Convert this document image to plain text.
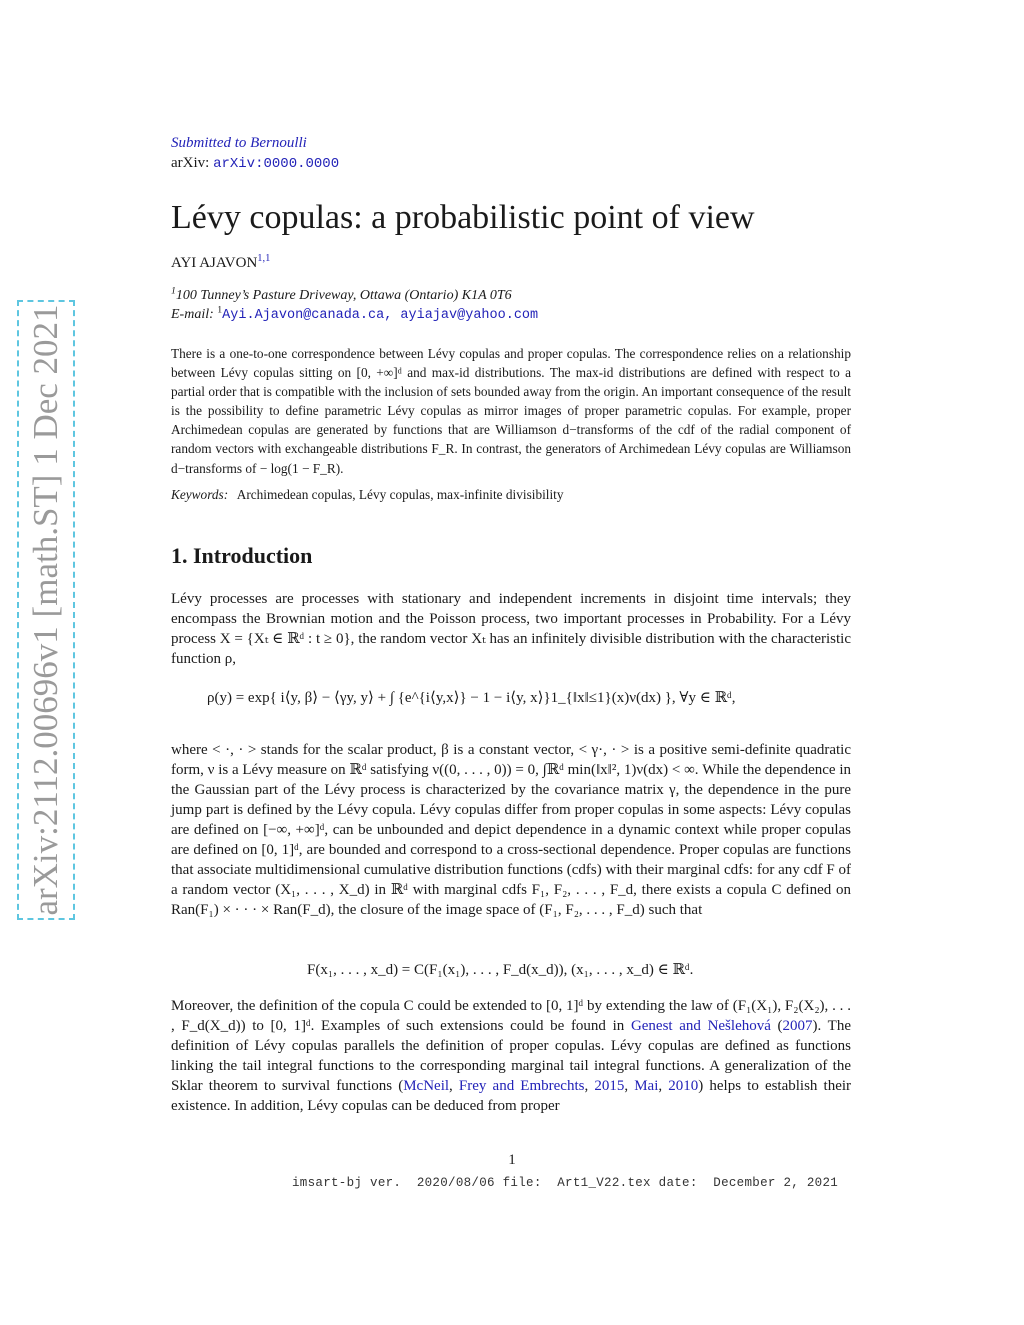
arXiv:2112.00696v1 [math.ST] 1 Dec 2021
Submitted to Bernoulli
arXiv: arXiv:0000.0000
Lévy copulas: a probabilistic point of view
AYI AJAVON$^{1,1}$
$^1$100 Tunney’s Pasture Driveway, Ottawa (Ontario) K1A 0T6
E-mail: $^1$Ayi.Ajavon@canada.ca, ayiajav@yahoo.com
There is a one-to-one correspondence between Lévy copulas and proper copulas. The correspondence relies on a relationship between Lévy copulas sitting on [0, +∞]ᵈ and max-id distributions. The max-id distributions are defined with respect to a partial order that is compatible with the inclusion of sets bounded away from the origin. An important consequence of the result is the possibility to define parametric Lévy copulas as mirror images of proper parametric copulas. For example, proper Archimedean copulas are generated by functions that are Williamson d−transforms of the cdf of the radial component of random vectors with exchangeable distributions F_R. In contrast, the generators of Archimedean Lévy copulas are Williamson d−transforms of − log(1 − F_R).
Keywords: Archimedean copulas, Lévy copulas, max-infinite divisibility
1. Introduction
Lévy processes are processes with stationary and independent increments in disjoint time intervals; they encompass the Brownian motion and the Poisson process, two important processes in Probability. For a Lévy process X = {Xₜ ∈ ℝᵈ : t ≥ 0}, the random vector Xₜ has an infinitely divisible distribution with the characteristic function ρ,
ρ(y) = exp{ i⟨y, β⟩ − ⟨γy, y⟩ + ∫ {e^{i⟨y,x⟩} − 1 − i⟨y, x⟩}1_{‖x‖≤1}(x)ν(dx) }, ∀y ∈ ℝᵈ,
where < ·, · > stands for the scalar product, β is a constant vector, < γ·, · > is a positive semi-definite quadratic form, ν is a Lévy measure on ℝᵈ satisfying ν((0, . . . , 0)) = 0, ∫ℝᵈ min(‖x‖², 1)ν(dx) < ∞. While the dependence in the Gaussian part of the Lévy process is characterized by the covariance matrix γ, the dependence in the pure jump part is defined by the Lévy copula. Lévy copulas differ from proper copulas in some aspects: Lévy copulas are defined on [−∞, +∞]ᵈ, can be unbounded and depict dependence in a dynamic context while proper copulas are defined on [0, 1]ᵈ, are bounded and correspond to a cross-sectional dependence. Proper copulas are functions that associate multidimensional cumulative distribution functions (cdfs) with their marginal cdfs: for any cdf F of a random vector (X₁, . . . , X_d) in ℝᵈ with marginal cdfs F₁, F₂, . . . , F_d, there exists a copula C defined on Ran(F₁) × · · · × Ran(F_d), the closure of the image space of (F₁, F₂, . . . , F_d) such that
F(x₁, . . . , x_d) = C(F₁(x₁), . . . , F_d(x_d)), (x₁, . . . , x_d) ∈ ℝᵈ.
Moreover, the definition of the copula C could be extended to [0, 1]ᵈ by extending the law of (F₁(X₁), F₂(X₂), . . . , F_d(X_d)) to [0, 1]ᵈ. Examples of such extensions could be found in Genest and Nešlehová (2007). The definition of Lévy copulas parallels the definition of proper copulas. Lévy copulas are defined as functions linking the tail integral functions to the corresponding marginal tail integral functions. A generalization of the Sklar theorem to survival functions (McNeil, Frey and Embrechts, 2015, Mai, 2010) helps to establish their existence. In addition, Lévy copulas can be deduced from proper
1
imsart-bj ver.  2020/08/06 file:  Art1_V22.tex date:  December 2, 2021
